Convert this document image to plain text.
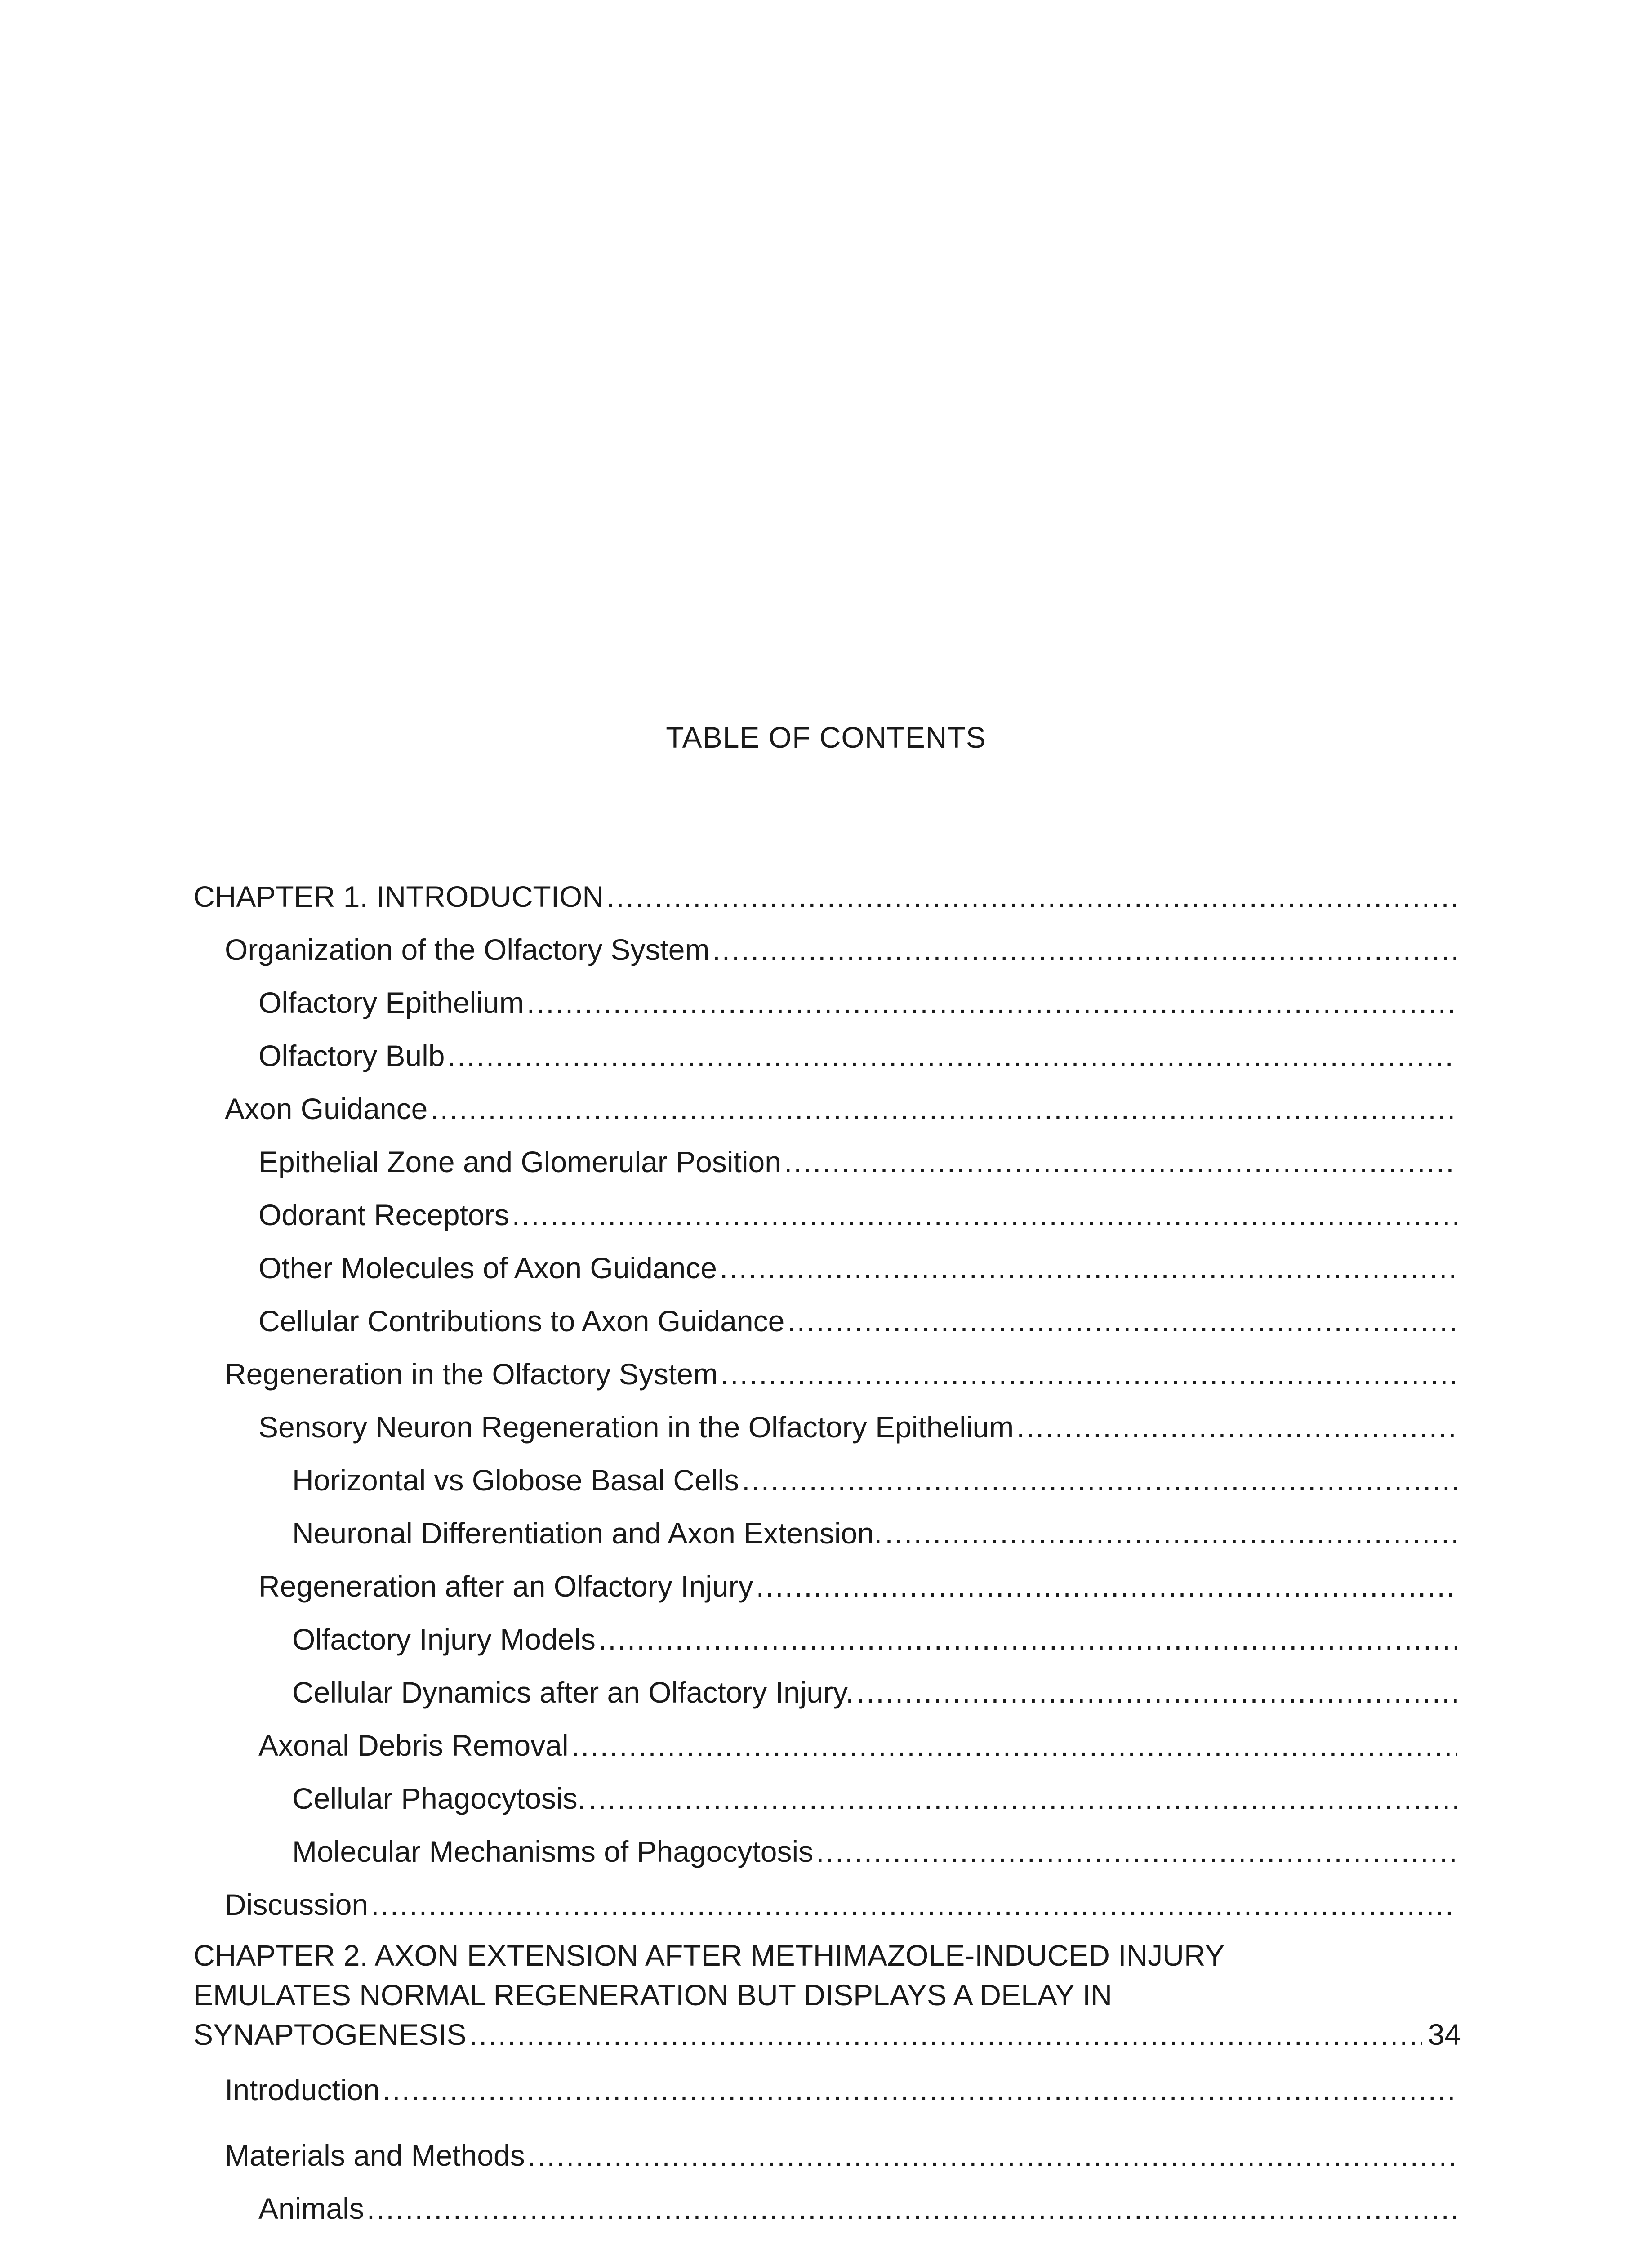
TABLE OF CONTENTS
CHAPTER 1. INTRODUCTION
.....
Organization of the Olfactory System
.....
Olfactory Epithelium
.....
Olfactory Bulb
.....
Axon Guidance
.....
Epithelial Zone and Glomerular Position
.....
Odorant Receptors
.....
Other Molecules of Axon Guidance
.....
Cellular Contributions to Axon Guidance
.....
Regeneration in the Olfactory System
.....
Sensory Neuron Regeneration in the Olfactory Epithelium
.....
Horizontal vs Globose Basal Cells
.....
Neuronal Differentiation and Axon Extension.
.....
Regeneration after an Olfactory Injury
.....
Olfactory Injury Models
.....
Cellular Dynamics after an Olfactory Injury.
.....
Axonal Debris Removal
.....
Cellular Phagocytosis.
.....
Molecular Mechanisms of Phagocytosis
.....
Discussion
.....
CHAPTER 2. AXON EXTENSION AFTER METHIMAZOLE-INDUCED INJURY
EMULATES NORMAL REGENERATION BUT DISPLAYS A DELAY IN
SYNAPTOGENESIS
.....	34
Introduction
.....
Materials and Methods
.....
Animals
.....
